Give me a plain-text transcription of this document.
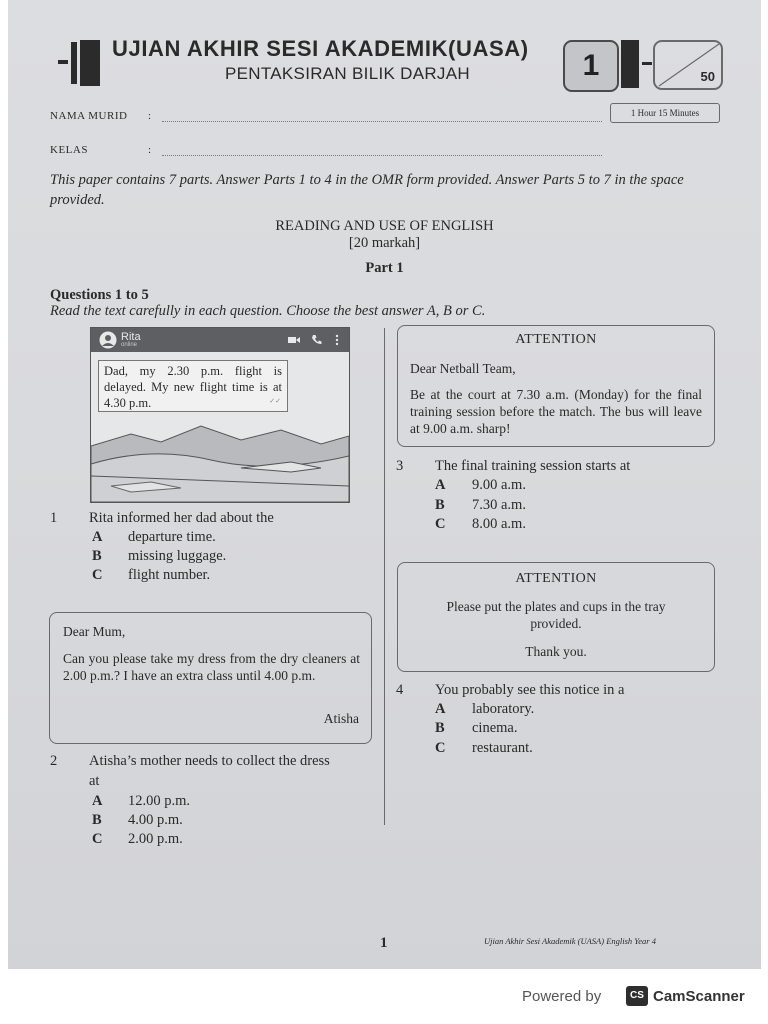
UJIAN AKHIR SESI AKADEMIK(UASA)
PENTAKSIRAN BILIK DARJAH	1	50
NAMA MURID :	1 Hour 15 Minutes
KELAS	:
This paper contains 7 parts. Answer Parts 1 to 4 in the OMR form provided. Answer Parts 5 to 7 in the space provided.
READING AND USE OF ENGLISH
[20 markah]
Part 1
Questions 1 to 5
Read the text carefully in each question. Choose the best answer A, B or C.
Rita
online
Dad, my 2.30 p.m. flight is delayed. My new flight time is at 4.30 p.m.	✓✓
1 Rita informed her dad about the
A departure time.
B missing luggage.
C flight number.
Dear Mum,
Can you please take my dress from the dry cleaners at 2.00 p.m.? I have an extra class until 4.00 p.m.
Atisha
2 Atisha’s mother needs to collect the dress
at
A 12.00 p.m.
B 4.00 p.m.
C 2.00 p.m.
ATTENTION
Dear Netball Team,
Be at the court at 7.30 a.m. (Monday) for the final training session before the match. The bus will leave at 9.00 a.m. sharp!
3 The final training session starts at
A 9.00 a.m.
B 7.30 a.m.
C 8.00 a.m.
ATTENTION
Please put the plates and cups in the tray provided.
Thank you.
4 You probably see this notice in a
A laboratory.
B cinema.
C restaurant.
1	Ujian Akhir Sesi Akademik (UASA) English Year 4
Powered by	CS CamScanner
